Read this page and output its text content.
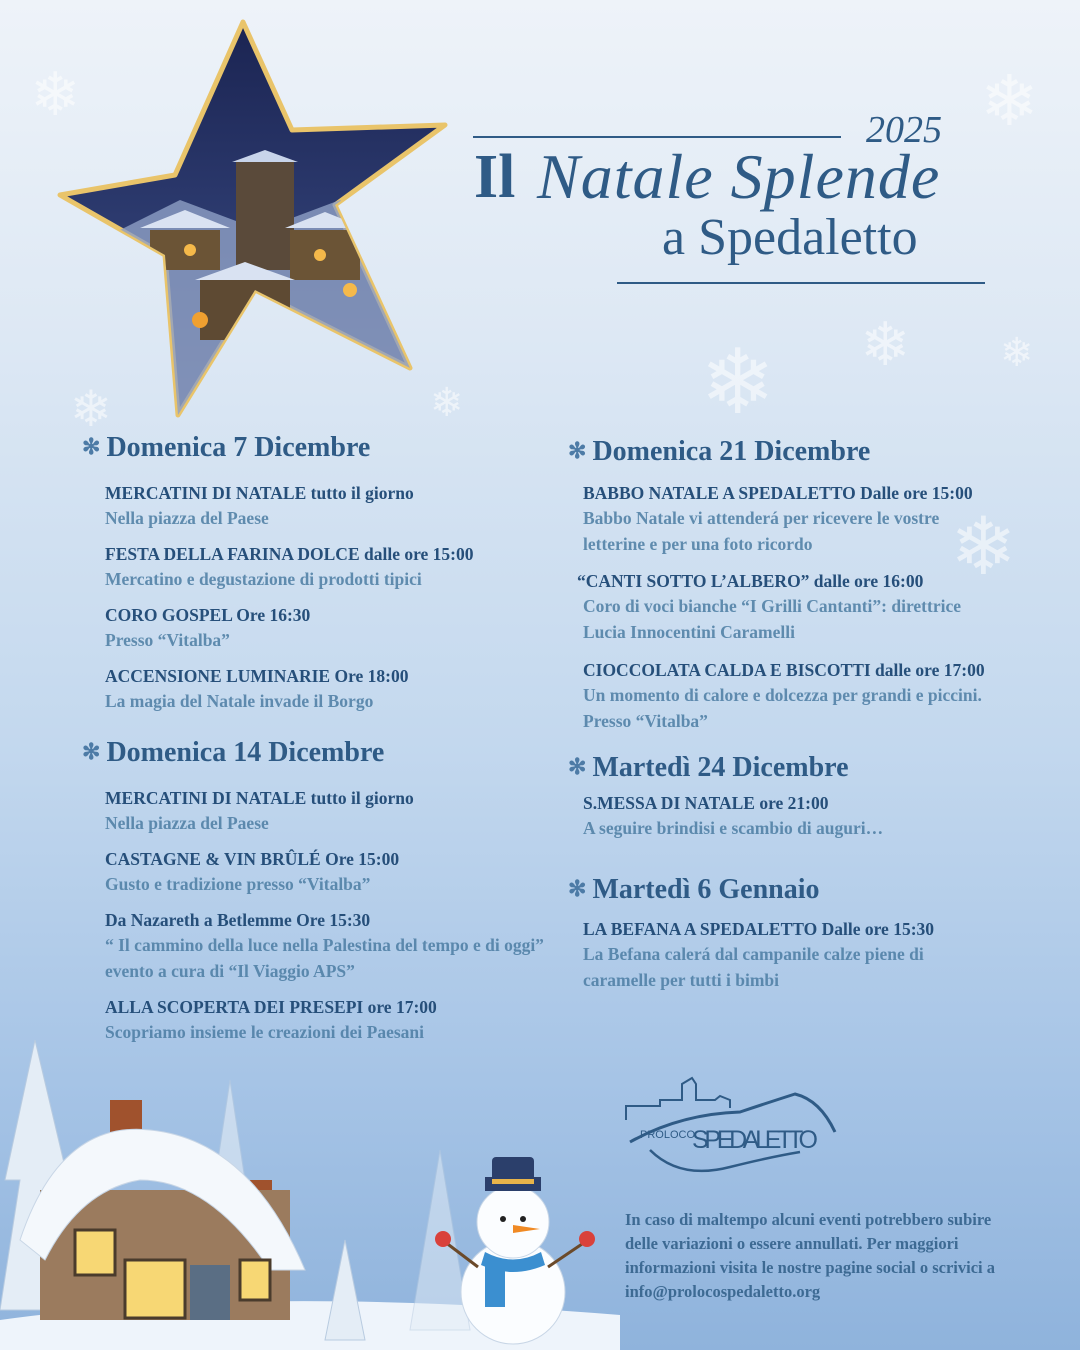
❄ ❄
❄
❄	❄
❄
❄
❄
2025
Il Natale Splende
a Spedaletto
✻ Domenica 7 Dicembre
MERCATINI DI NATALE tutto il giorno
Nella piazza del Paese
FESTA DELLA FARINA DOLCE dalle ore 15:00
Mercatino e degustazione di prodotti tipici
CORO GOSPEL Ore 16:30
Presso “Vitalba”
ACCENSIONE LUMINARIE Ore 18:00
La magia del Natale invade il Borgo
✻ Domenica 14 Dicembre
MERCATINI DI NATALE tutto il giorno
Nella piazza del Paese
CASTAGNE & VIN BRÛLÉ Ore 15:00
Gusto e tradizione presso “Vitalba”
Da Nazareth a Betlemme Ore 15:30
“ Il cammino della luce nella Palestina del tempo e di oggi” evento a cura di “Il Viaggio APS”
ALLA SCOPERTA DEI PRESEPI ore 17:00
Scopriamo insieme le creazioni dei Paesani
✻ Domenica 21 Dicembre
BABBO NATALE A SPEDALETTO Dalle ore 15:00
Babbo Natale vi attenderá per ricevere le vostre letterine e per una foto ricordo
“CANTI SOTTO L’ALBERO” dalle ore 16:00
Coro di voci bianche “I Grilli Cantanti”: direttrice Lucia Innocentini Caramelli
CIOCCOLATA CALDA E BISCOTTI dalle ore 17:00
Un momento di calore e dolcezza per grandi e piccini. Presso “Vitalba”
✻ Martedì 24 Dicembre
S.MESSA DI NATALE ore 21:00
A seguire brindisi e scambio di auguri…
✻ Martedì 6 Gennaio
LA BEFANA A SPEDALETTO Dalle ore 15:30
La Befana calerá dal campanile calze piene di caramelle per tutti i bimbi
PROLOCO
SPEDALETTO
In caso di maltempo alcuni eventi potrebbero subire delle variazioni o essere annullati. Per maggiori informazioni visita le nostre pagine social o scrivici a info@prolocospedaletto.org
